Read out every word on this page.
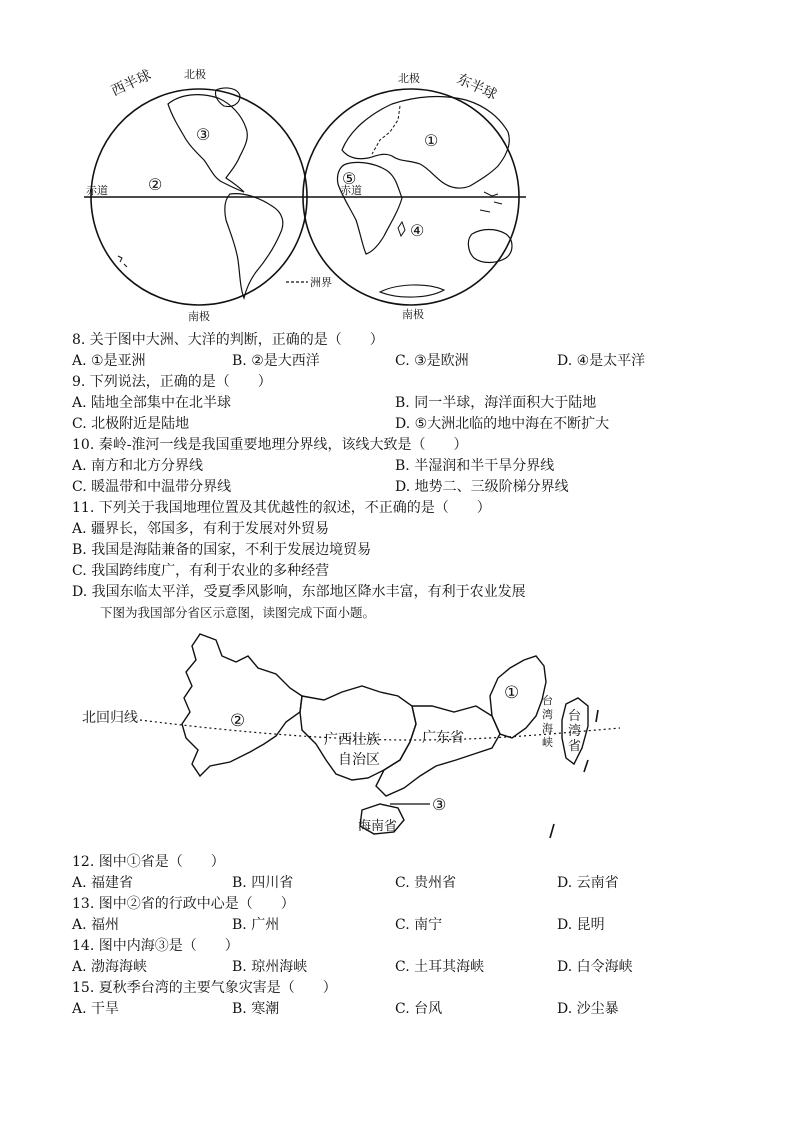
西半球	东半球
北极	北极
南极	南极
赤道	赤道
③
②
①
⑤
④
洲界
8. 关于图中大洲、大洋的判断，正确的是（　　）
A. ①是亚洲	B. ②是大西洋	C. ③是欧洲	D. ④是太平洋
9. 下列说法，正确的是（　　）
A. 陆地全部集中在北半球	B. 同一半球，海洋面积大于陆地
C. 北极附近是陆地	D. ⑤大洲北临的地中海在不断扩大
10. 秦岭-淮河一线是我国重要地理分界线，该线大致是（　　）
A. 南方和北方分界线	B. 半湿润和半干旱分界线
C. 暖温带和中温带分界线	D. 地势二、三级阶梯分界线
11. 下列关于我国地理位置及其优越性的叙述，不正确的是（　　）
A. 疆界长，邻国多，有利于发展对外贸易
B. 我国是海陆兼备的国家，不利于发展边境贸易
C. 我国跨纬度广，有利于农业的多种经营
D. 我国东临太平洋，受夏季风影响，东部地区降水丰富，有利于农业发展
下图为我国部分省区示意图，读图完成下面小题。
北回归线	②
①
③
广西壮族
自治区
广东省
海南省
台
湾
海
峡
台
湾
省
12. 图中①省是（　　）
A. 福建省	B. 四川省	C. 贵州省	D. 云南省
13. 图中②省的行政中心是（　　）
A. 福州	B. 广州	C. 南宁	D. 昆明
14. 图中内海③是（　　）
A. 渤海海峡	B. 琼州海峡	C. 土耳其海峡	D. 白令海峡
15. 夏秋季台湾的主要气象灾害是（　　）
A. 干旱	B. 寒潮	C. 台风	D. 沙尘暴
